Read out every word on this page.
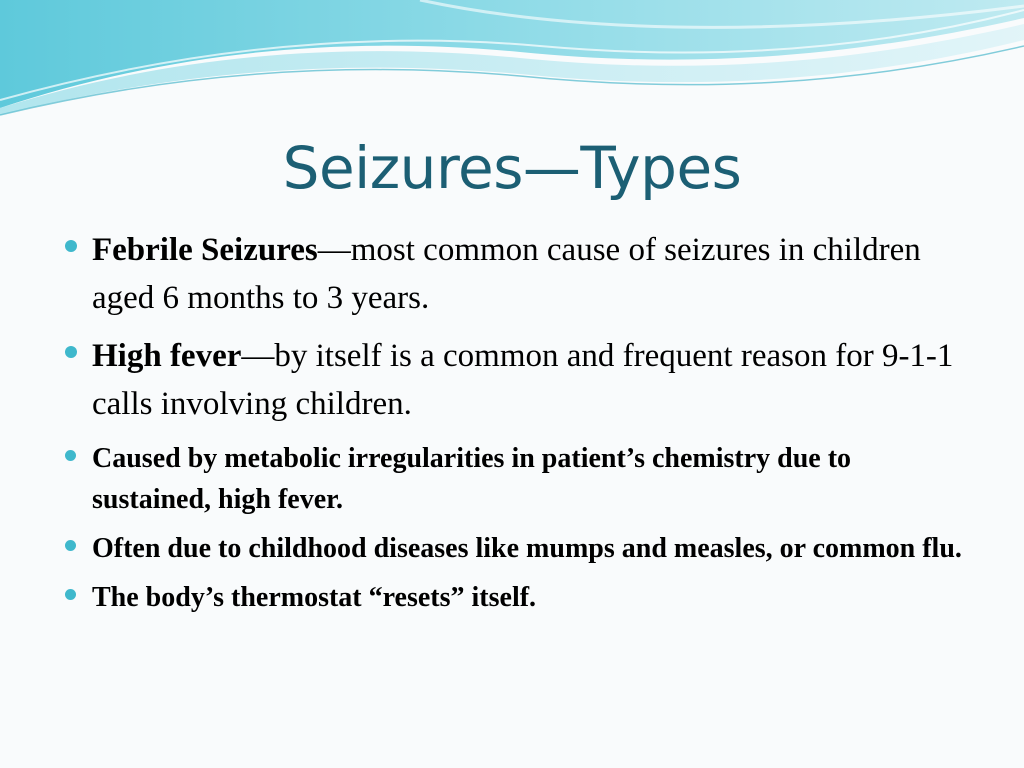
Seizures—Types
Febrile Seizures—most common cause of seizures in children aged 6 months to 3 years.
High fever—by itself is a common and frequent reason for 9-1-1 calls involving children.
Caused by metabolic irregularities in patient’s chemistry due to sustained, high fever.
Often due to childhood diseases like mumps and measles, or common flu.
The body’s thermostat “resets” itself.
